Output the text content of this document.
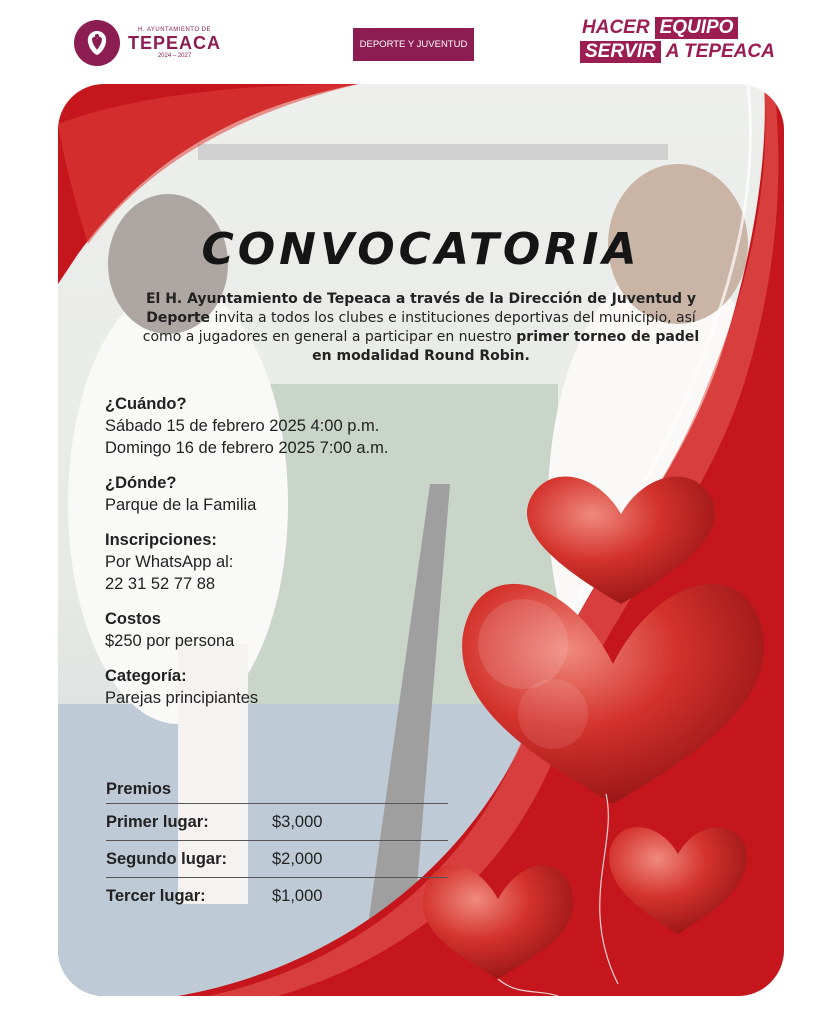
H. AYUNTAMIENTO DE
TEPEACA
2024 – 2027
DEPORTE Y JUVENTUD
HACER EQUIPO
SERVIR A TEPEACA
CONVOCATORIA

El H. Ayuntamiento de Tepeaca a través de la Dirección de Juventud y Deporte invita a todos los clubes e instituciones deportivas del municipio, así como a jugadores en general a participar en nuestro primer torneo de padel en modalidad Round Robin.

¿Cuándo?

Sábado 15 de febrero 2025 4:00 p.m.

Domingo 16 de febrero 2025 7:00 a.m.

¿Dónde?

Parque de la Familia

Inscripciones:

Por WhatsApp al:

22 31 52 77 88

Costos

$250 por persona

Categoría:

Parejas principiantes

Premios
Primer lugar:	$3,000
Segundo lugar:	$2,000
Tercer lugar:	$1,000
